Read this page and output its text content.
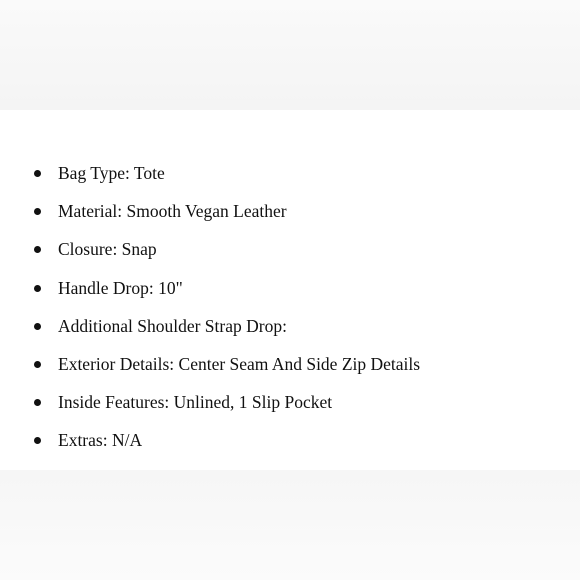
Bag Type: Tote
Material: Smooth Vegan Leather
Closure: Snap
Handle Drop: 10"
Additional Shoulder Strap Drop:
Exterior Details: Center Seam And Side Zip Details
Inside Features: Unlined, 1 Slip Pocket
Extras: N/A
